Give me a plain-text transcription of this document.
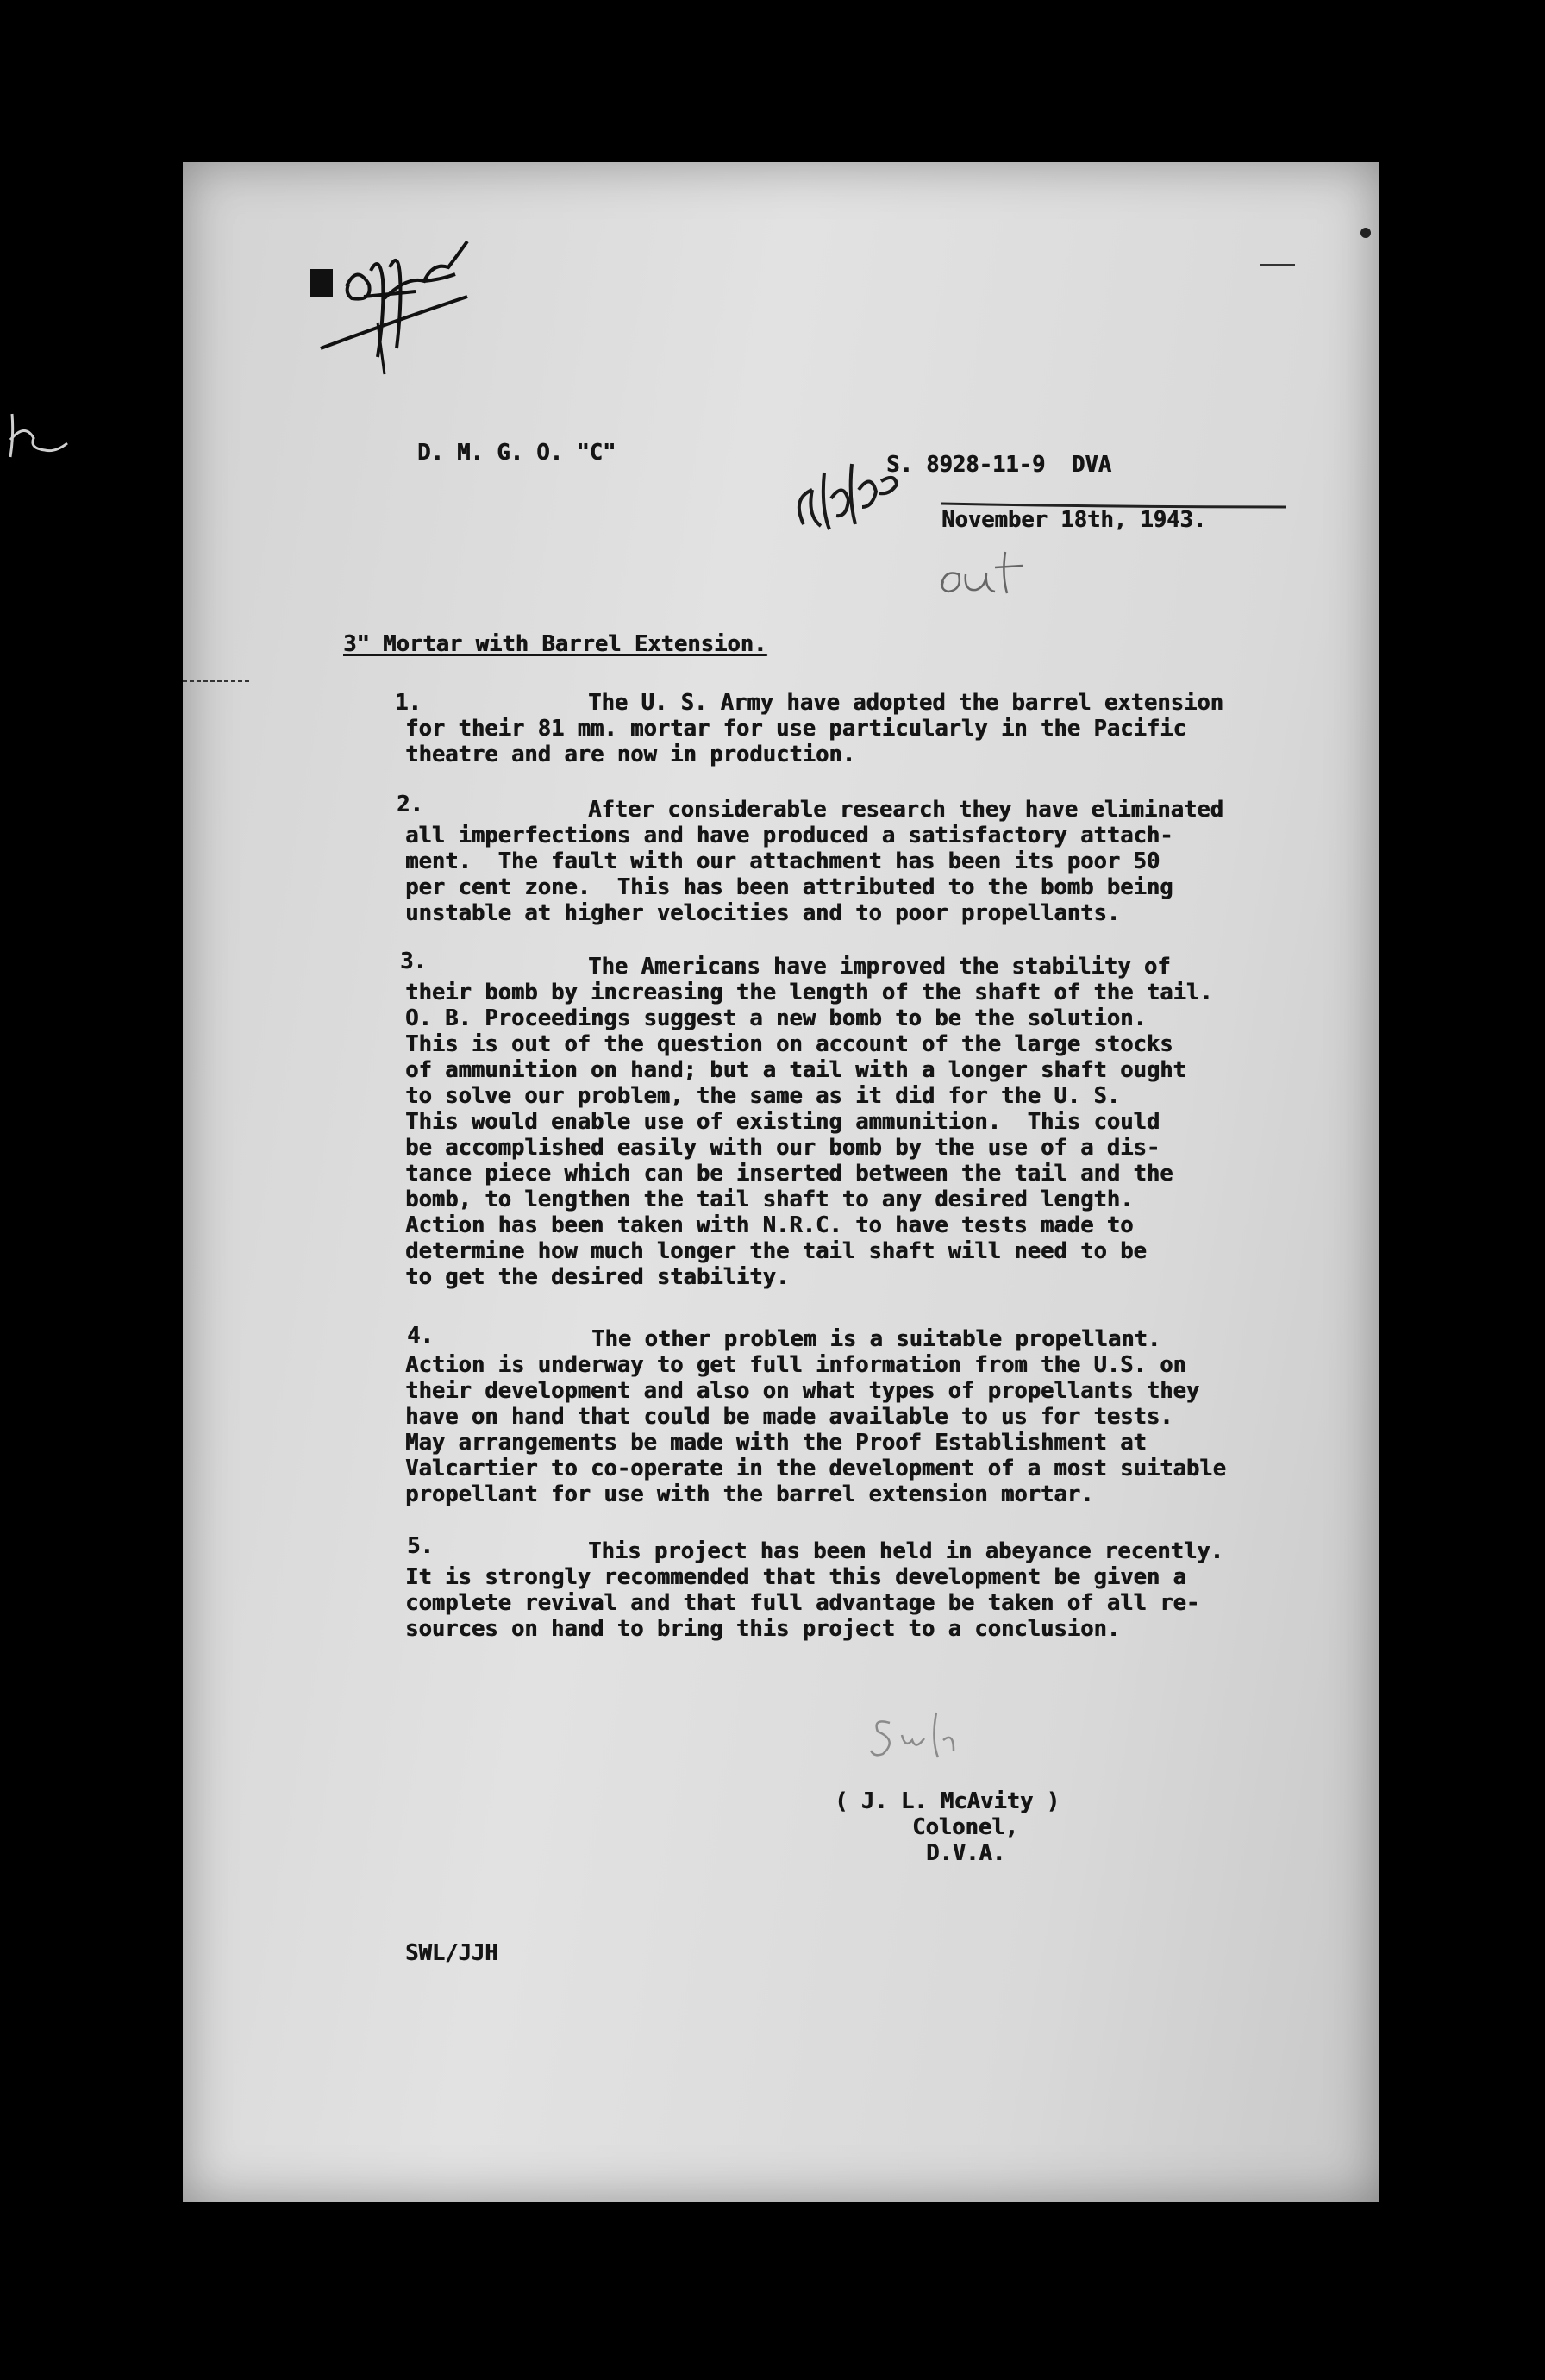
D. M. G. O. "C"	S. 8928-11-9  DVA
November 18th, 1943.
3" Mortar with Barrel Extension.
1.	The U. S. Army have adopted the barrel extension
for their 81 mm. mortar for use particularly in the Pacific
theatre and are now in production.
2.	After considerable research they have eliminated
all imperfections and have produced a satisfactory attach-
ment.  The fault with our attachment has been its poor 50
per cent zone.  This has been attributed to the bomb being
unstable at higher velocities and to poor propellants.
3.	The Americans have improved the stability of
their bomb by increasing the length of the shaft of the tail.
O. B. Proceedings suggest a new bomb to be the solution.
This is out of the question on account of the large stocks
of ammunition on hand; but a tail with a longer shaft ought
to solve our problem, the same as it did for the U. S.
This would enable use of existing ammunition.  This could
be accomplished easily with our bomb by the use of a dis-
tance piece which can be inserted between the tail and the
bomb, to lengthen the tail shaft to any desired length.
Action has been taken with N.R.C. to have tests made to
determine how much longer the tail shaft will need to be
to get the desired stability.
4.	The other problem is a suitable propellant.
Action is underway to get full information from the U.S. on
their development and also on what types of propellants they
have on hand that could be made available to us for tests.
May arrangements be made with the Proof Establishment at
Valcartier to co-operate in the development of a most suitable
propellant for use with the barrel extension mortar.
5.	This project has been held in abeyance recently.
It is strongly recommended that this development be given a
complete revival and that full advantage be taken of all re-
sources on hand to bring this project to a conclusion.
( J. L. McAvity )
Colonel,
D.V.A.
SWL/JJH
